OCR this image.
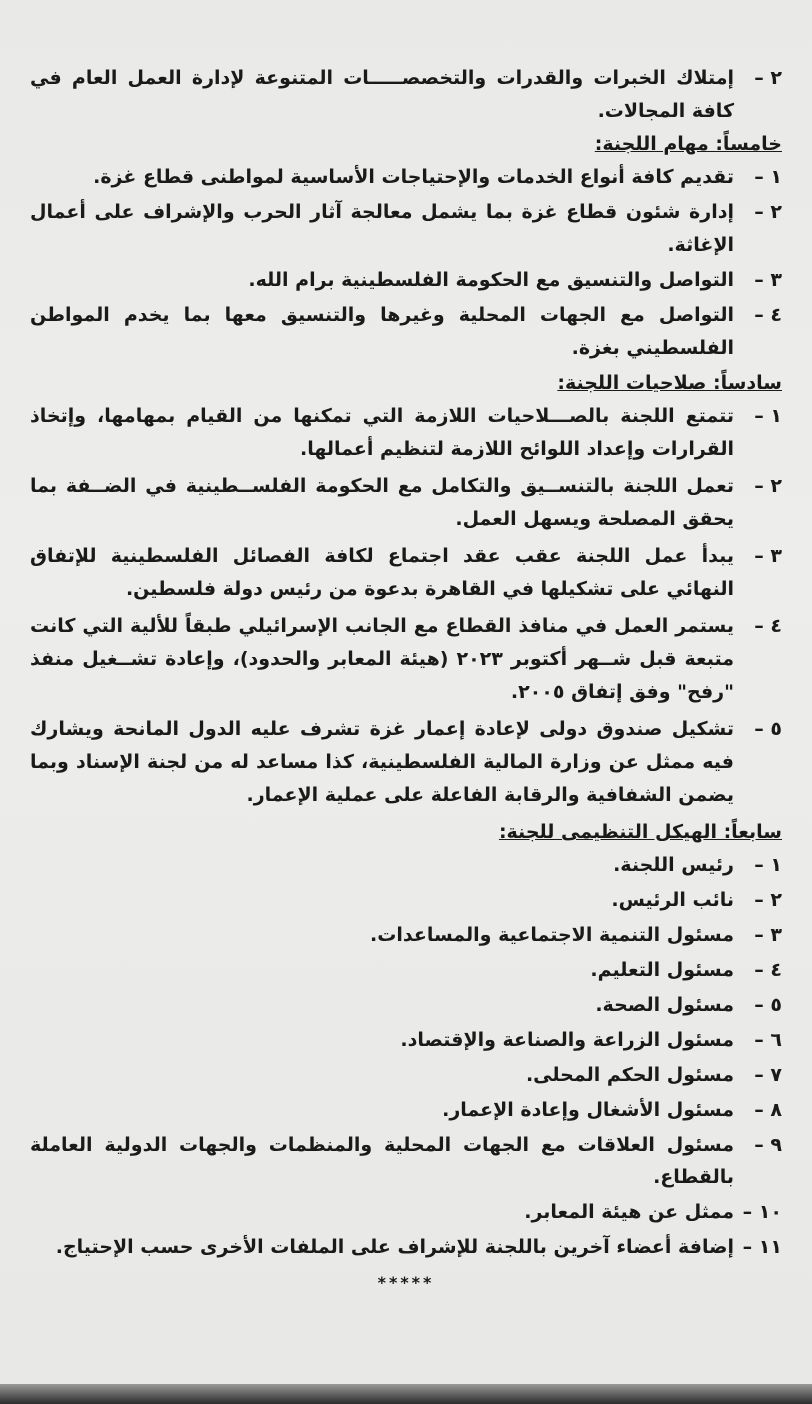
٢ –
إمتلاك الخبرات والقدرات والتخصصـــــات المتنوعة لإدارة العمل العام في كافة المجالات.
خامساً: مهام اللجنة:
١ –
تقديم كافة أنواع الخدمات والإحتياجات الأساسية لمواطنى قطاع غزة.
٢ –
إدارة شئون قطاع غزة بما يشمل معالجة آثار الحرب والإشراف على أعمال الإغاثة.
٣ –
التواصل والتنسيق مع الحكومة الفلسطينية برام الله.
٤ –
التواصل مع الجهات المحلية وغيرها والتنسيق معها بما يخدم المواطن الفلسطيني بغزة.
سادساً: صلاحيات اللجنة:
١ –
تتمتع اللجنة بالصـــلاحيات اللازمة التي تمكنها من القيام بمهامها، وإتخاذ القرارات وإعداد اللوائح اللازمة لتنظيم أعمالها.
٢ –
تعمل اللجنة بالتنســيق والتكامل مع الحكومة الفلســطينية في الضــفة بما يحقق المصلحة ويسهل العمل.
٣ –
يبدأ عمل اللجنة عقب عقد اجتماع لكافة الفصائل الفلسطينية للإتفاق النهائي على تشكيلها في القاهرة بدعوة من رئيس دولة فلسطين.
٤ –
يستمر العمل في منافذ القطاع مع الجانب الإسرائيلي طبقاً للألية التي كانت متبعة قبل شــهر أكتوبر ٢٠٢٣ (هيئة المعابر والحدود)، وإعادة تشــغيل منفذ "رفح" وفق إتفاق ٢٠٠٥.
٥ –
تشكيل صندوق دولى لإعادة إعمار غزة تشرف عليه الدول المانحة ويشارك فيه ممثل عن وزارة المالية الفلسطينية، كذا مساعد له من لجنة الإسناد وبما يضمن الشفافية والرقابة الفاعلة على عملية الإعمار.
سابعاً: الهيكل التنظيمى للجنة:
١ –
رئيس اللجنة.
٢ –
نائب الرئيس.
٣ –
مسئول التنمية الاجتماعية والمساعدات.
٤ –
مسئول التعليم.
٥ –
مسئول الصحة.
٦ –
مسئول الزراعة والصناعة والإقتصاد.
٧ –
مسئول الحكم المحلى.
٨ –
مسئول الأشغال وإعادة الإعمار.
٩ –
مسئول العلاقات مع الجهات المحلية والمنظمات والجهات الدولية العاملة بالقطاع.
١٠ –
ممثل عن هيئة المعابر.
١١ –
إضافة أعضاء آخرين باللجنة للإشراف على الملفات الأخرى حسب الإحتياج.
*****
